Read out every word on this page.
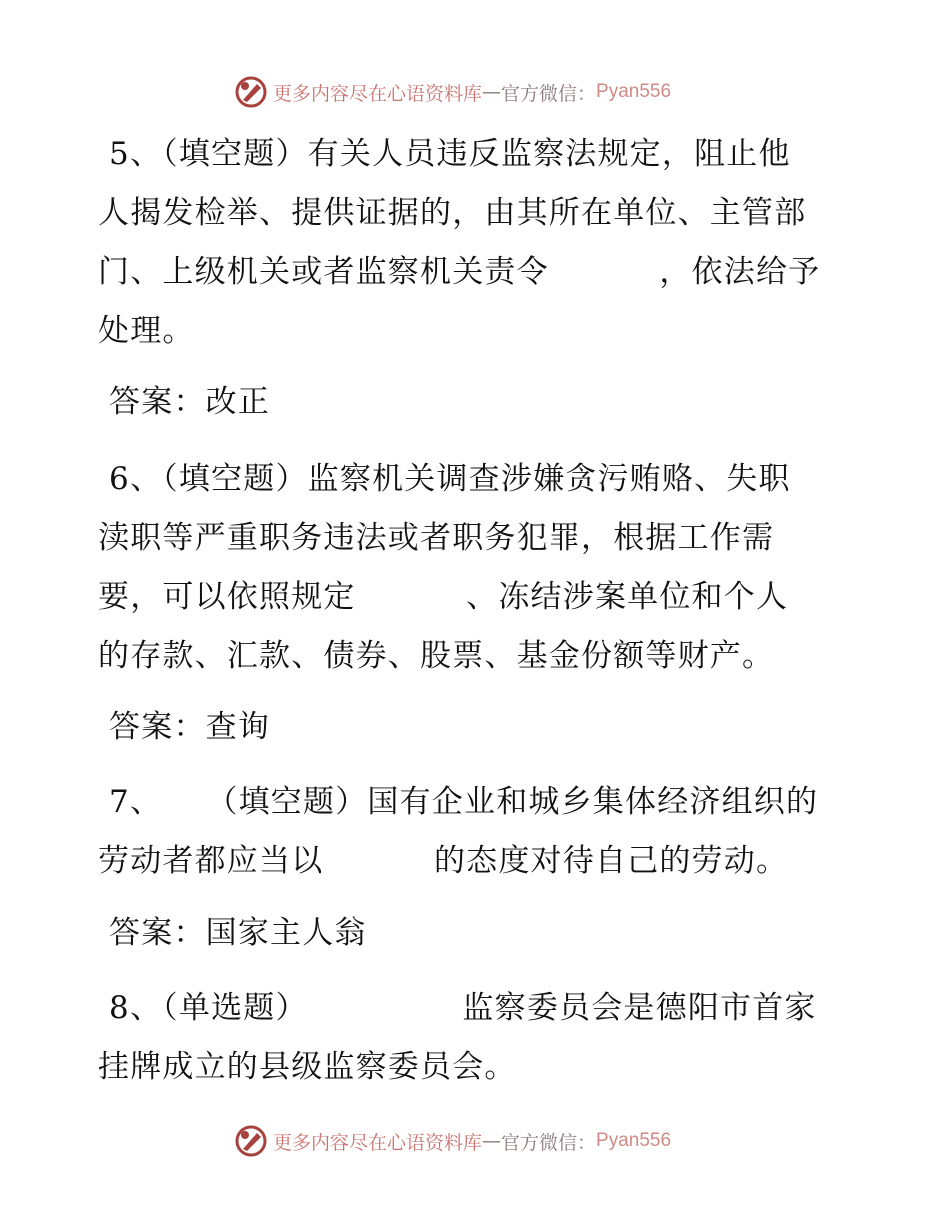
更多内容尽在心语资料库 — 官方微信： Pyan556
5、（填空题）有关人员违反监察法规定，阻止他
人揭发检举、提供证据的，由其所在单位、主管部
门、上级机关或者监察机关责令          ，依法给予
处理。
答案：改正
6、（填空题）监察机关调查涉嫌贪污贿赂、失职
渎职等严重职务违法或者职务犯罪，根据工作需
要，可以依照规定          、冻结涉案单位和个人
的存款、汇款、债券、股票、基金份额等财产。
答案：查询
7、    （填空题）国有企业和城乡集体经济组织的
劳动者都应当以          的态度对待自己的劳动。
答案：国家主人翁
8、（单选题）              监察委员会是德阳市首家
挂牌成立的县级监察委员会。
更多内容尽在心语资料库 — 官方微信： Pyan556
